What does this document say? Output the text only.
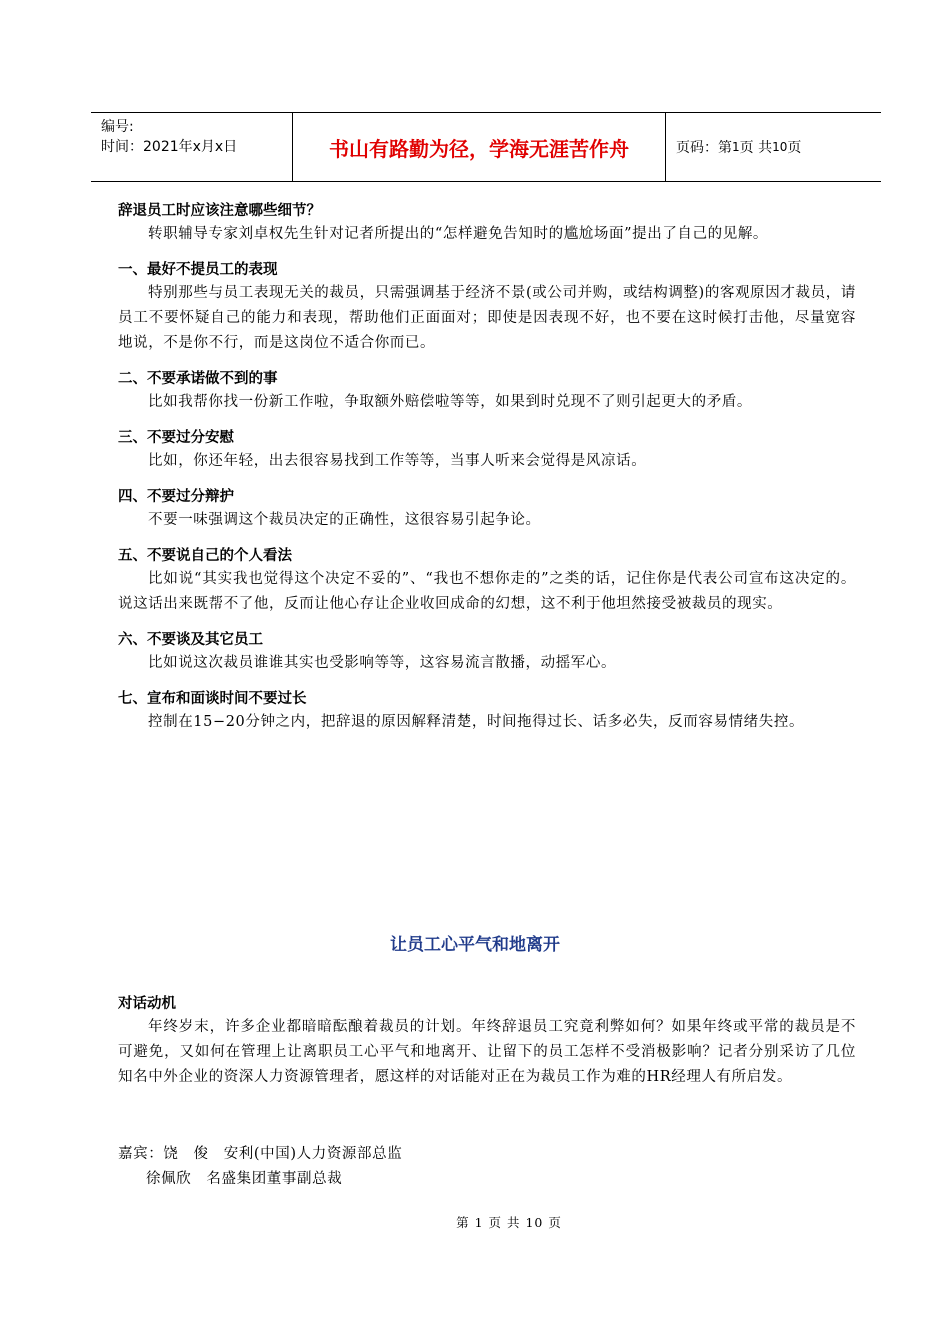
编号:
时间：2021年x月x日	书山有路勤为径，学海无涯苦作舟	页码：第 1 页 共 10 页

辞退员工时应该注意哪些细节？

转职辅导专家刘卓权先生针对记者所提出的“怎样避免告知时的尴尬场面”提出了自己的见解。

一、最好不提员工的表现

特别那些与员工表现无关的裁员，只需强调基于经济不景(或公司并购，或结构调整)的客观原因才裁员，请员工不要怀疑自己的能力和表现，帮助他们正面面对；即使是因表现不好，也不要在这时候打击他，尽量宽容地说，不是你不行，而是这岗位不适合你而已。

二、不要承诺做不到的事

比如我帮你找一份新工作啦，争取额外赔偿啦等等，如果到时兑现不了则引起更大的矛盾。

三、不要过分安慰

比如，你还年轻，出去很容易找到工作等等，当事人听来会觉得是风凉话。

四、不要过分辩护

不要一味强调这个裁员决定的正确性，这很容易引起争论。

五、不要说自己的个人看法

比如说“其实我也觉得这个决定不妥的”、“我也不想你走的”之类的话，记住你是代表公司宣布这决定的。说这话出来既帮不了他，反而让他心存让企业收回成命的幻想，这不利于他坦然接受被裁员的现实。

六、不要谈及其它员工

比如说这次裁员谁谁其实也受影响等等，这容易流言散播，动摇军心。

七、宣布和面谈时间不要过长

控制在15−20分钟之内，把辞退的原因解释清楚，时间拖得过长、话多必失，反而容易情绪失控。

让员工心平气和地离开

对话动机

年终岁末，许多企业都暗暗酝酿着裁员的计划。年终辞退员工究竟利弊如何？如果年终或平常的裁员是不可避免，又如何在管理上让离职员工心平气和地离开、让留下的员工怎样不受消极影响？记者分别采访了几位知名中外企业的资深人力资源管理者，愿这样的对话能对正在为裁员工作为难的HR经理人有所启发。

嘉宾：饶　俊　安利(中国)人力资源部总监
徐佩欣　名盛集团董事副总裁
第 1 页 共 10 页
